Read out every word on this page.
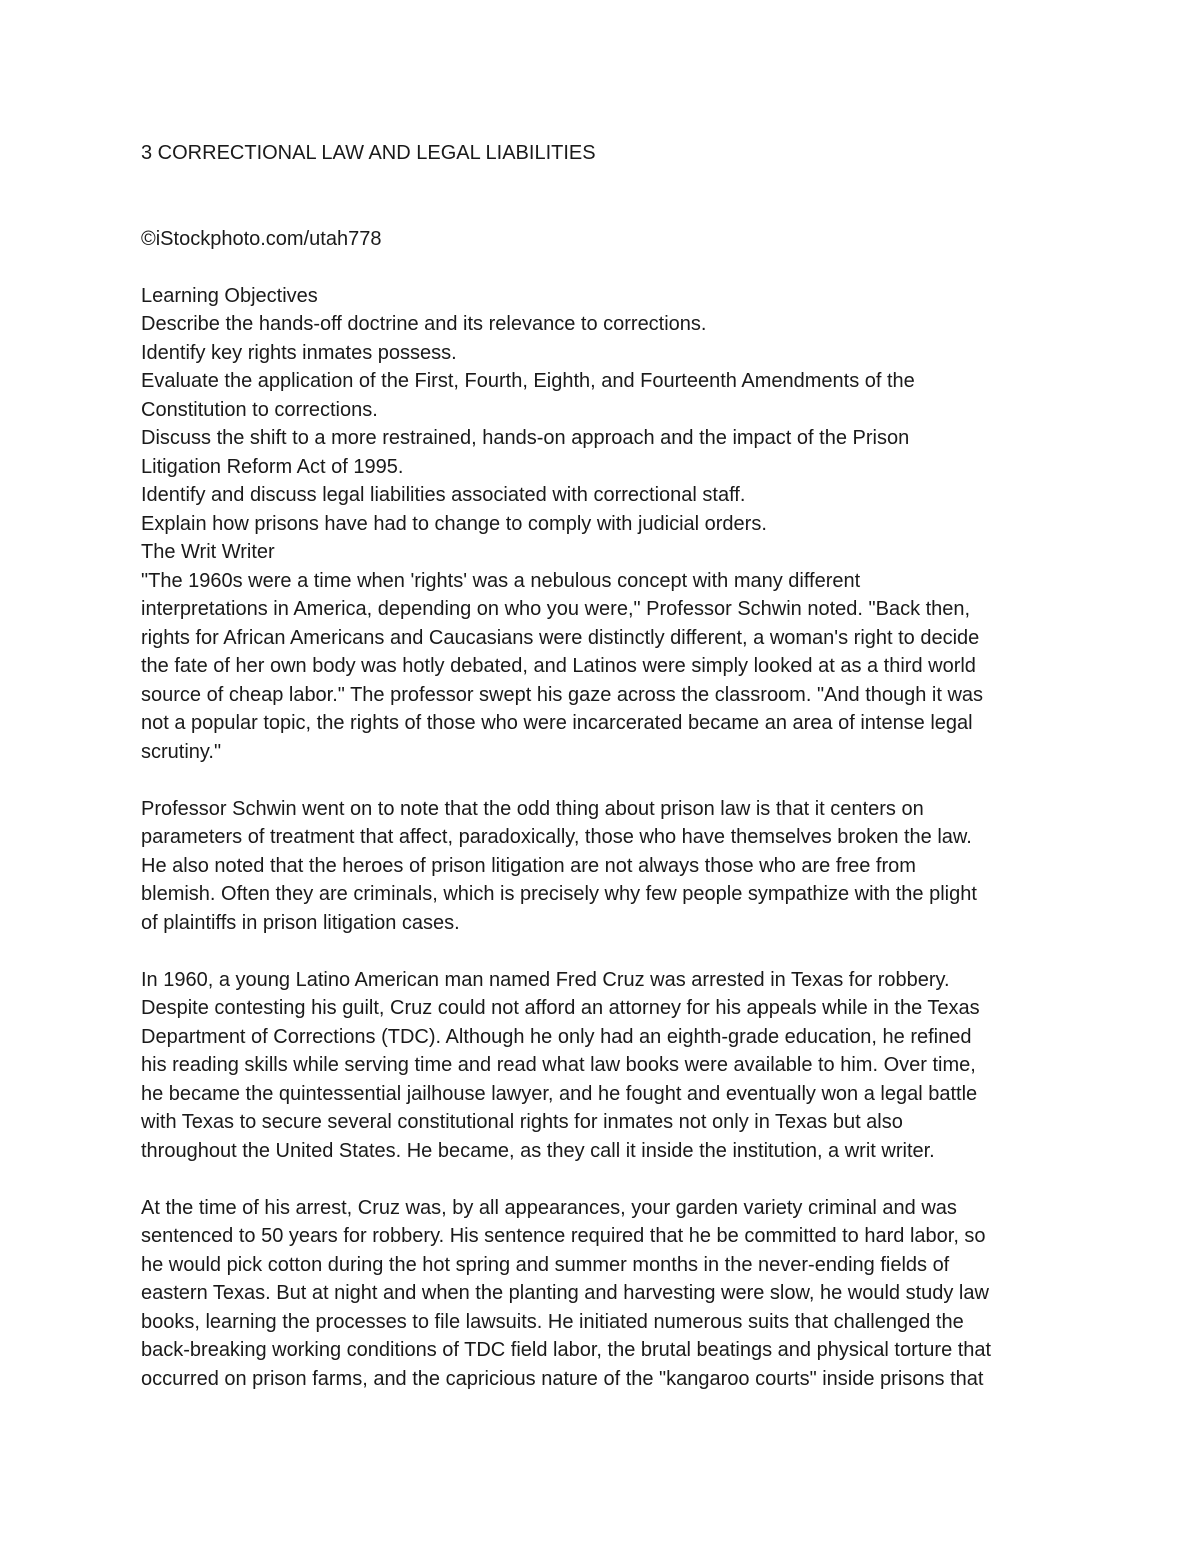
3 CORRECTIONAL LAW AND LEGAL LIABILITIES

©iStockphoto.com/utah778

Learning Objectives

Describe the hands-off doctrine and its relevance to corrections.

Identify key rights inmates possess.

Evaluate the application of the First, Fourth, Eighth, and Fourteenth Amendments of the

Constitution to corrections.

Discuss the shift to a more restrained, hands-on approach and the impact of the Prison

Litigation Reform Act of 1995.

Identify and discuss legal liabilities associated with correctional staff.

Explain how prisons have had to change to comply with judicial orders.

The Writ Writer

"The 1960s were a time when 'rights' was a nebulous concept with many different

interpretations in America, depending on who you were," Professor Schwin noted. "Back then,

rights for African Americans and Caucasians were distinctly different, a woman's right to decide

the fate of her own body was hotly debated, and Latinos were simply looked at as a third world

source of cheap labor." The professor swept his gaze across the classroom. "And though it was

not a popular topic, the rights of those who were incarcerated became an area of intense legal

scrutiny."

Professor Schwin went on to note that the odd thing about prison law is that it centers on

parameters of treatment that affect, paradoxically, those who have themselves broken the law.

He also noted that the heroes of prison litigation are not always those who are free from

blemish. Often they are criminals, which is precisely why few people sympathize with the plight

of plaintiffs in prison litigation cases.

In 1960, a young Latino American man named Fred Cruz was arrested in Texas for robbery.

Despite contesting his guilt, Cruz could not afford an attorney for his appeals while in the Texas

Department of Corrections (TDC). Although he only had an eighth-grade education, he refined

his reading skills while serving time and read what law books were available to him. Over time,

he became the quintessential jailhouse lawyer, and he fought and eventually won a legal battle

with Texas to secure several constitutional rights for inmates not only in Texas but also

throughout the United States. He became, as they call it inside the institution, a writ writer.

At the time of his arrest, Cruz was, by all appearances, your garden variety criminal and was

sentenced to 50 years for robbery. His sentence required that he be committed to hard labor, so

he would pick cotton during the hot spring and summer months in the never-ending fields of

eastern Texas. But at night and when the planting and harvesting were slow, he would study law

books, learning the processes to file lawsuits. He initiated numerous suits that challenged the

back-breaking working conditions of TDC field labor, the brutal beatings and physical torture that

occurred on prison farms, and the capricious nature of the "kangaroo courts" inside prisons that
